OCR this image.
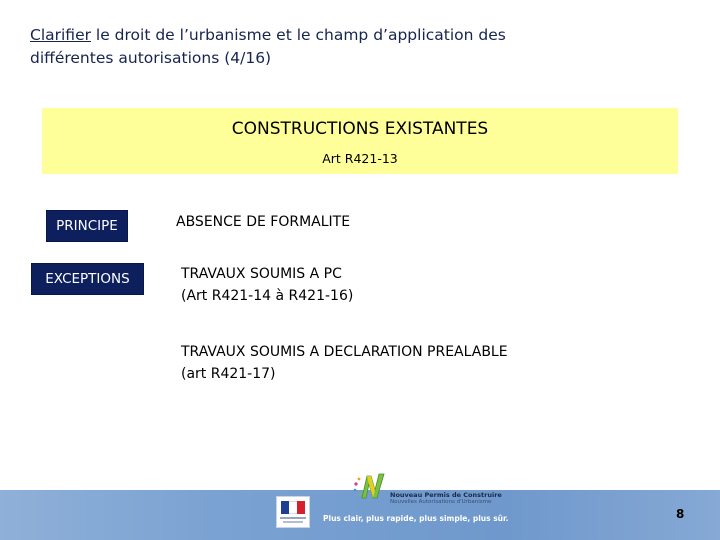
Clarifier le droit de l’urbanisme et le champ d’application des
différentes autorisations (4/16)
CONSTRUCTIONS EXISTANTES
Art R421-13
PRINCIPE	ABSENCE DE FORMALITE
EXCEPTIONS	TRAVAUX SOUMIS A PC
(Art R421-14 à R421-16)
TRAVAUX SOUMIS A DECLARATION PREALABLE
(art R421-17)
Nouveau Permis de Construire
Nouvelles Autorisations d'Urbanisme
Plus clair, plus rapide, plus simple, plus sûr.	8
